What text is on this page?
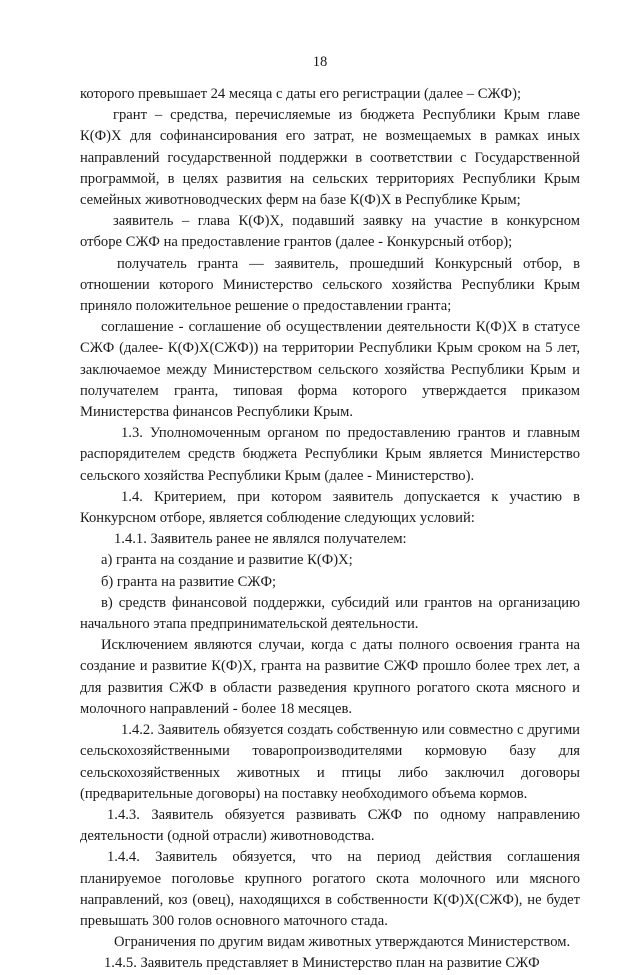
18

которого превышает 24 месяца с даты его регистрации (далее – СЖФ);

грант – средства, перечисляемые из бюджета Республики Крым главе К(Ф)Х для софинансирования его затрат, не возмещаемых в рамках иных направлений государственной поддержки в соответствии с Государственной программой, в целях развития на сельских территориях Республики Крым семейных животноводческих ферм на базе К(Ф)Х в Республике Крым;

заявитель – глава К(Ф)Х, подавший заявку на участие в конкурсном отборе СЖФ на предоставление грантов (далее - Конкурсный отбор);

получатель гранта — заявитель, прошедший Конкурсный отбор, в отношении которого Министерство сельского хозяйства Республики Крым приняло положительное решение о предоставлении гранта;

соглашение - соглашение об осуществлении деятельности К(Ф)Х в статусе СЖФ (далее- К(Ф)Х(СЖФ)) на территории Республики Крым сроком на 5 лет, заключаемое между Министерством сельского хозяйства Республики Крым и получателем гранта, типовая форма которого утверждается приказом Министерства финансов Республики Крым.

1.3. Уполномоченным органом по предоставлению грантов и главным распорядителем средств бюджета Республики Крым является Министерство сельского хозяйства Республики Крым (далее - Министерство).

1.4. Критерием, при котором заявитель допускается к участию в Конкурсном отборе, является соблюдение следующих условий:

1.4.1. Заявитель ранее не являлся получателем:

а) гранта на создание и развитие К(Ф)Х;

б) гранта на развитие СЖФ;

в) средств финансовой поддержки, субсидий или грантов на организацию начального этапа предпринимательской деятельности.

Исключением являются случаи, когда с даты полного освоения гранта на создание и развитие К(Ф)Х, гранта на развитие СЖФ прошло более трех лет, а для развития СЖФ в области разведения крупного рогатого скота мясного и молочного направлений - более 18 месяцев.

1.4.2. Заявитель обязуется создать собственную или совместно с другими сельскохозяйственными товаропроизводителями кормовую базу для сельскохозяйственных животных и птицы либо заключил договоры (предварительные договоры) на поставку необходимого объема кормов.

1.4.3. Заявитель обязуется развивать СЖФ по одному направлению деятельности (одной отрасли) животноводства.

1.4.4. Заявитель обязуется, что на период действия соглашения планируемое поголовье крупного рогатого скота молочного или мясного направлений, коз (овец), находящихся в собственности К(Ф)Х(СЖФ), не будет превышать 300 голов основного маточного стада.

Ограничения по другим видам животных утверждаются Министерством.

1.4.5. Заявитель представляет в Министерство план на развитие СЖФ
